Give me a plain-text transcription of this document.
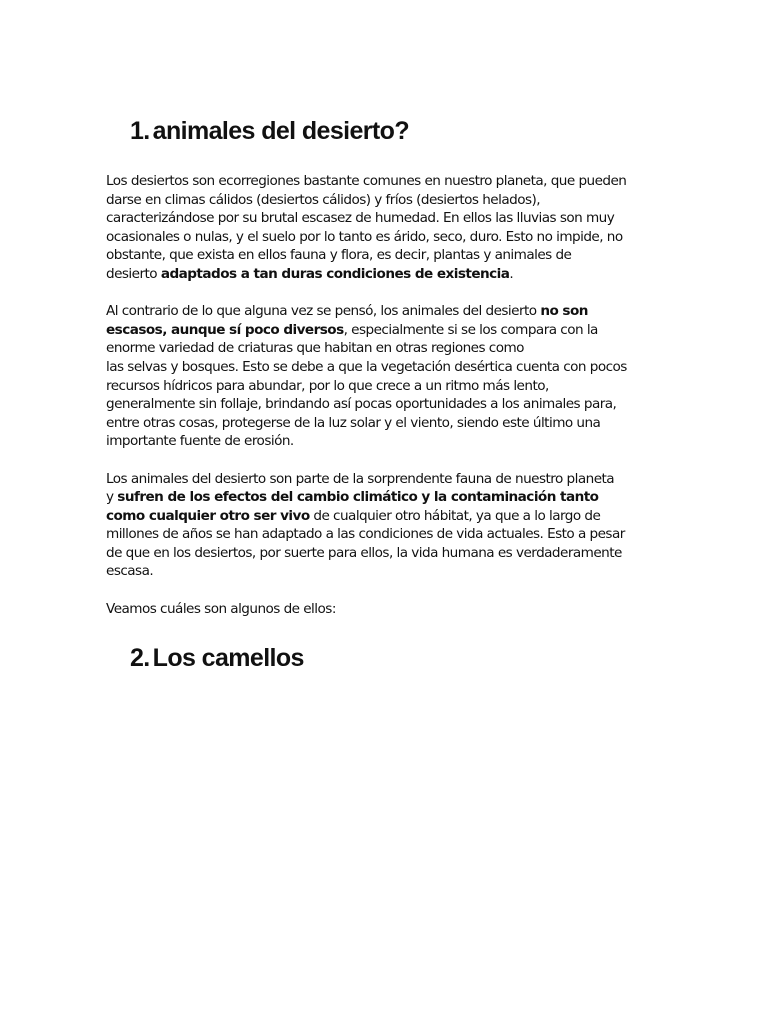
1. animales del desierto?

Los desiertos son ecorregiones bastante comunes en nuestro planeta, que pueden
darse en climas cálidos (desiertos cálidos) y fríos (desiertos helados),
caracterizándose por su brutal escasez de humedad. En ellos las lluvias son muy
ocasionales o nulas, y el suelo por lo tanto es árido, seco, duro. Esto no impide, no
obstante, que exista en ellos fauna y flora, es decir, plantas y animales de
desierto adaptados a tan duras condiciones de existencia.

Al contrario de lo que alguna vez se pensó, los animales del desierto no son
escasos, aunque sí poco diversos, especialmente si se los compara con la
enorme variedad de criaturas que habitan en otras regiones como
las selvas y bosques. Esto se debe a que la vegetación desértica cuenta con pocos
recursos hídricos para abundar, por lo que crece a un ritmo más lento,
generalmente sin follaje, brindando así pocas oportunidades a los animales para,
entre otras cosas, protegerse de la luz solar y el viento, siendo este último una
importante fuente de erosión.

Los animales del desierto son parte de la sorprendente fauna de nuestro planeta
y sufren de los efectos del cambio climático y la contaminación tanto
como cualquier otro ser vivo de cualquier otro hábitat, ya que a lo largo de
millones de años se han adaptado a las condiciones de vida actuales. Esto a pesar
de que en los desiertos, por suerte para ellos, la vida humana es verdaderamente
escasa.

Veamos cuáles son algunos de ellos:

2. Los camellos
